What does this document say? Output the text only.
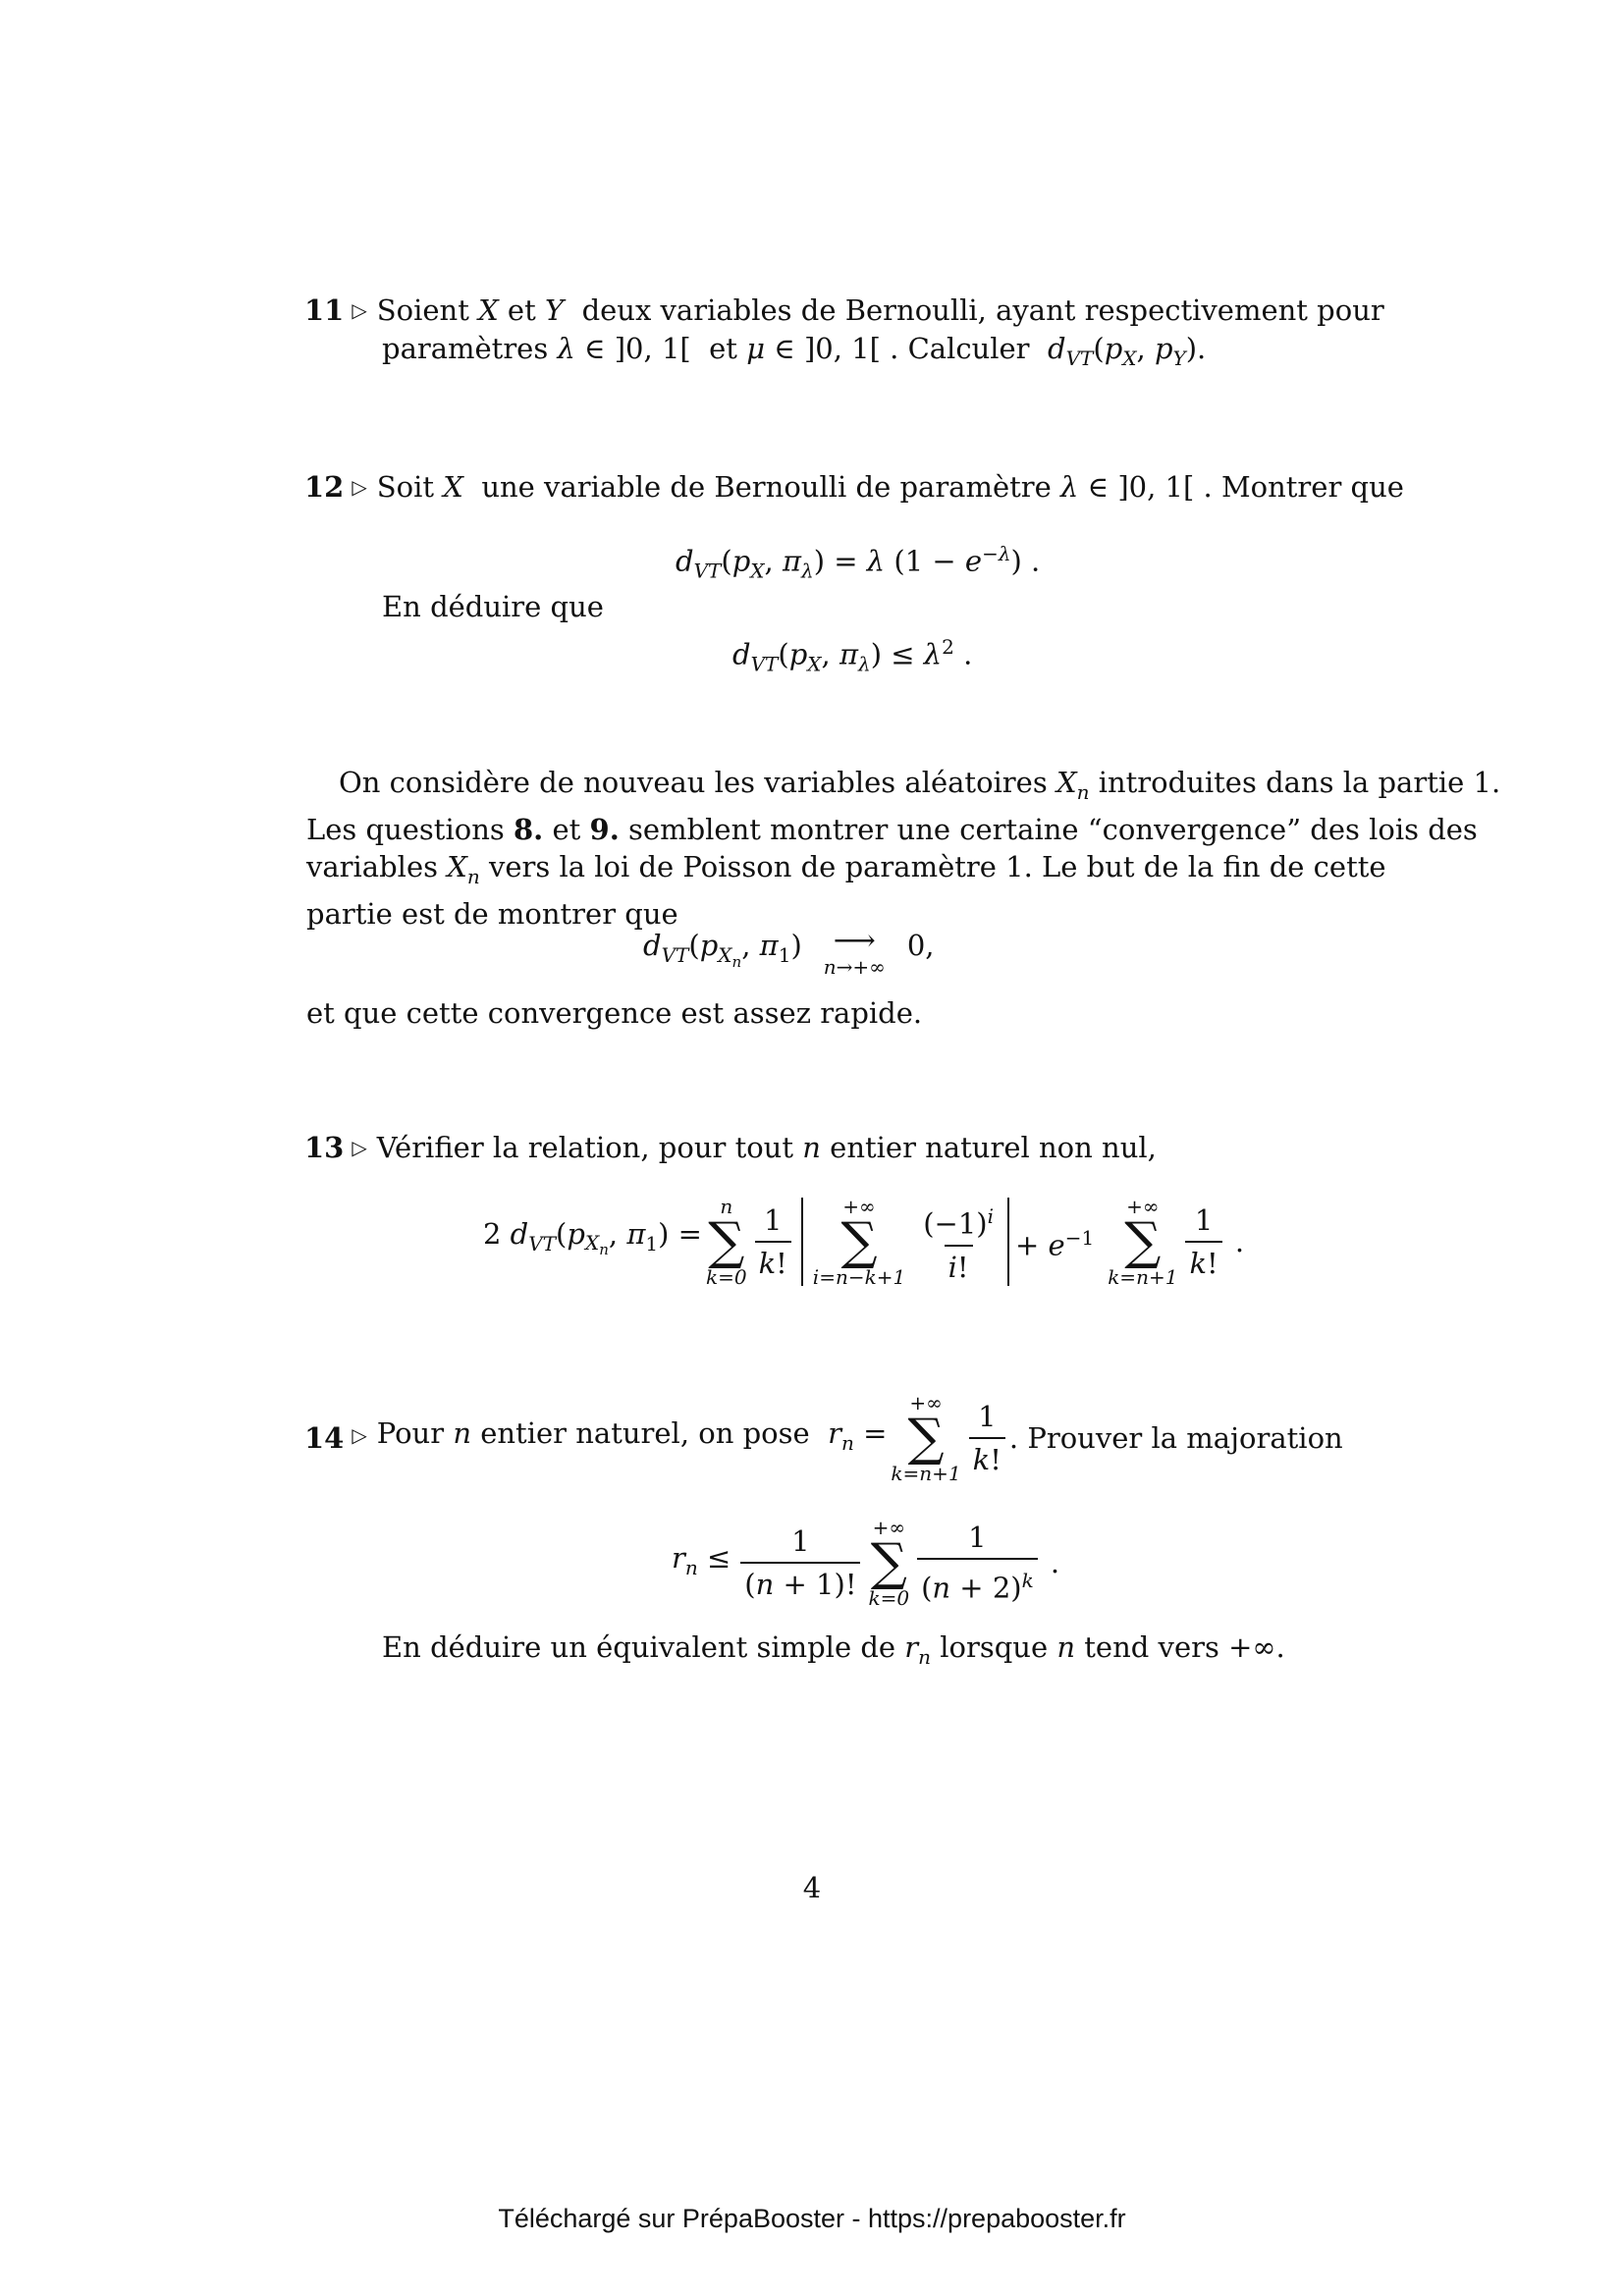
11 ▷ Soient X et Y  deux variables de Bernoulli, ayant respectivement pour
paramètres λ ∈ ]0, 1[  et μ ∈ ]0, 1[ . Calculer  $d_{VT}(p_X$, $p_Y$).
12 ▷ Soit X  une variable de Bernoulli de paramètre λ ∈ ]0, 1[ . Montrer que
$d_{VT}(p_X$, $\pi_\lambda) = \lambda$ $(1 - e^{-\lambda})$ .
En déduire que
$d_{VT}(p_X$, $\pi_\lambda) \le \lambda^2$ .
On considère de nouveau les variables aléatoires $X_n$ introduites dans la partie 1.
Les questions 8. et 9. semblent montrer une certaine “convergence” des lois des
variables $X_n$ vers la loi de Poisson de paramètre 1. Le but de la fin de cette
partie est de montrer que
$d_{VT}(p_{X_n}$, $\pi_1$) ⟶
n→+∞
0,
et que cette convergence est assez rapide.
13 ▷ Vérifier la relation, pour tout n entier naturel non nul,
2 $d_{VT}(p_{X_n}$, $\pi_1$) =
n
∑
$k=0 \frac{1}{k!}$	+∞
∑
$i=n-k+1 \frac{(-1)^i}{i!} + e^{-1}$
+∞
∑
$k=n+1 \frac{1}{k!}$ .
14 ▷ Pour n entier naturel, on pose  $r_n$ =
+∞
∑
$k=n+1 \frac{1}{k!}$ . Prouver la majoration
$r_n \le \frac{1}{(n + 1)!}$ +∞
∑
$k=0 \frac{1}{(n + 2)^k}$ .
En déduire un équivalent simple de $r_n$ lorsque n tend vers +∞.
4
Téléchargé sur PrépaBooster - https://prepabooster.fr
